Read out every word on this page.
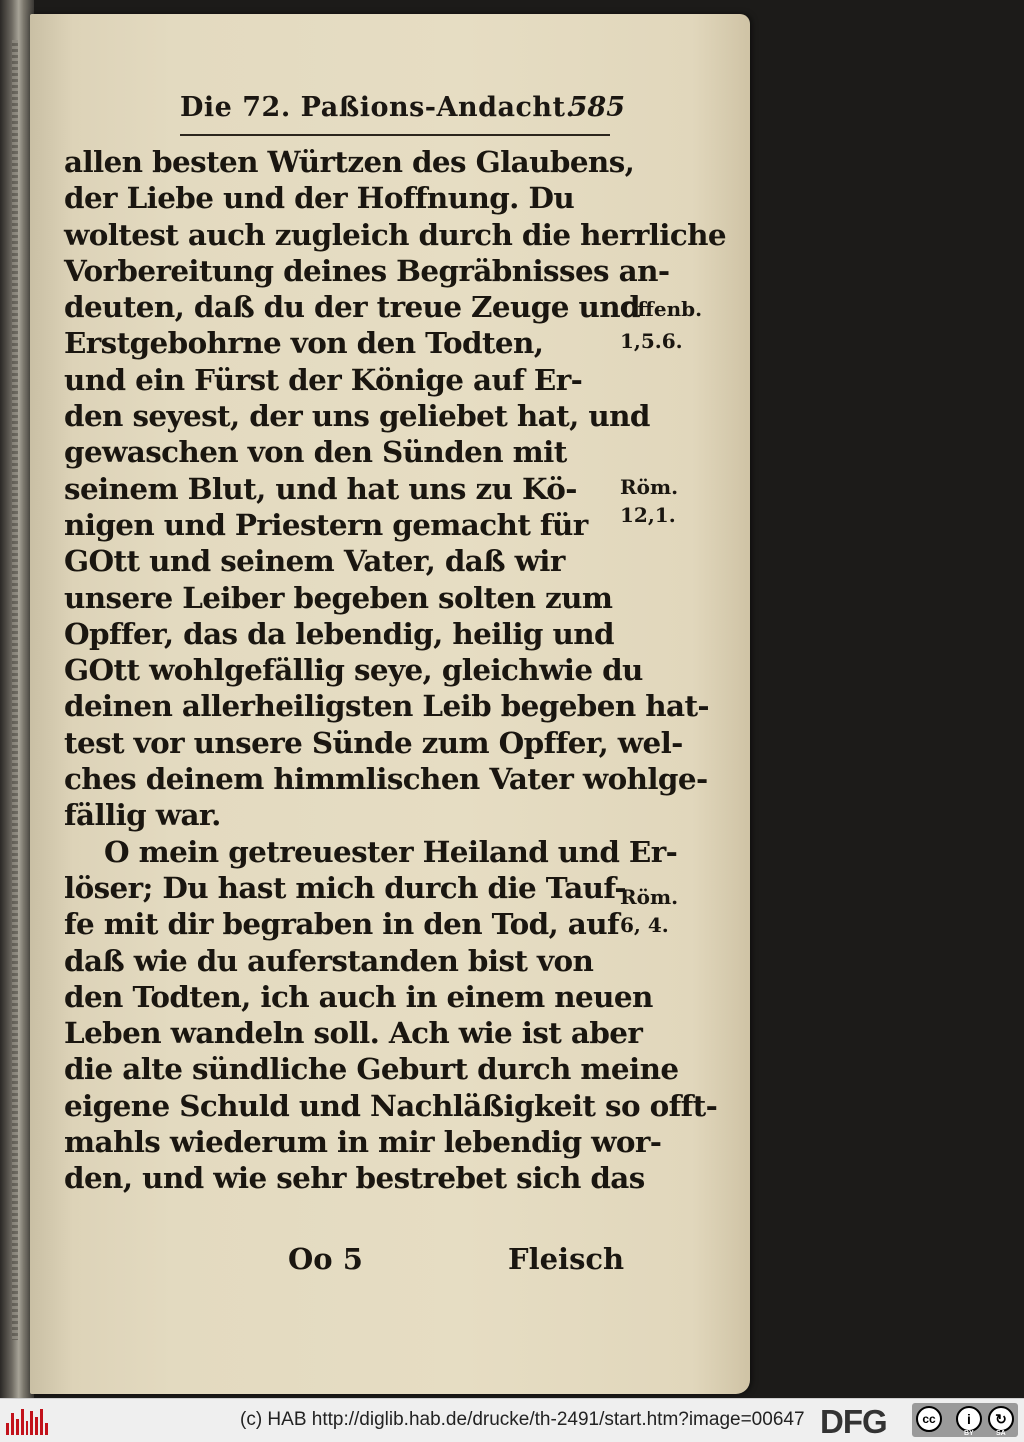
Die 72. Paßions-Andacht.
585
allen besten Würtzen des Glaubens,
der Liebe und der Hoffnung. Du
woltest auch zugleich durch die herrliche
Vorbereitung deines Begräbnisses an-
deuten, daß du der treue Zeuge und
Erstgebohrne von den Todten,
und ein Fürst der Könige auf Er-
den seyest, der uns geliebet hat, und
gewaschen von den Sünden mit
seinem Blut, und hat uns zu Kö-
nigen und Priestern gemacht für
GOtt und seinem Vater, daß wir
unsere Leiber begeben solten zum
Opffer, das da lebendig, heilig und
GOtt wohlgefällig seye, gleichwie du
deinen allerheiligsten Leib begeben hat-
test vor unsere Sünde zum Opffer, wel-
ches deinem himmlischen Vater wohlge-
fällig war.
O mein getreuester Heiland und Er-
löser; Du hast mich durch die Tauf-
fe mit dir begraben in den Tod, auf
daß wie du auferstanden bist von
den Todten, ich auch in einem neuen
Leben wandeln soll. Ach wie ist aber
die alte sündliche Geburt durch meine
eigene Schuld und Nachläßigkeit so offt-
mahls wiederum in mir lebendig wor-
den, und wie sehr bestrebet sich das
Offenb.
1,5.6.
Röm.
12,1.
Röm.
6, 4.
Oo 5	Fleisch
(c) HAB http://diglib.hab.de/drucke/th-2491/start.htm?image=00647 DFG	cc	i	↻
BY	SA
